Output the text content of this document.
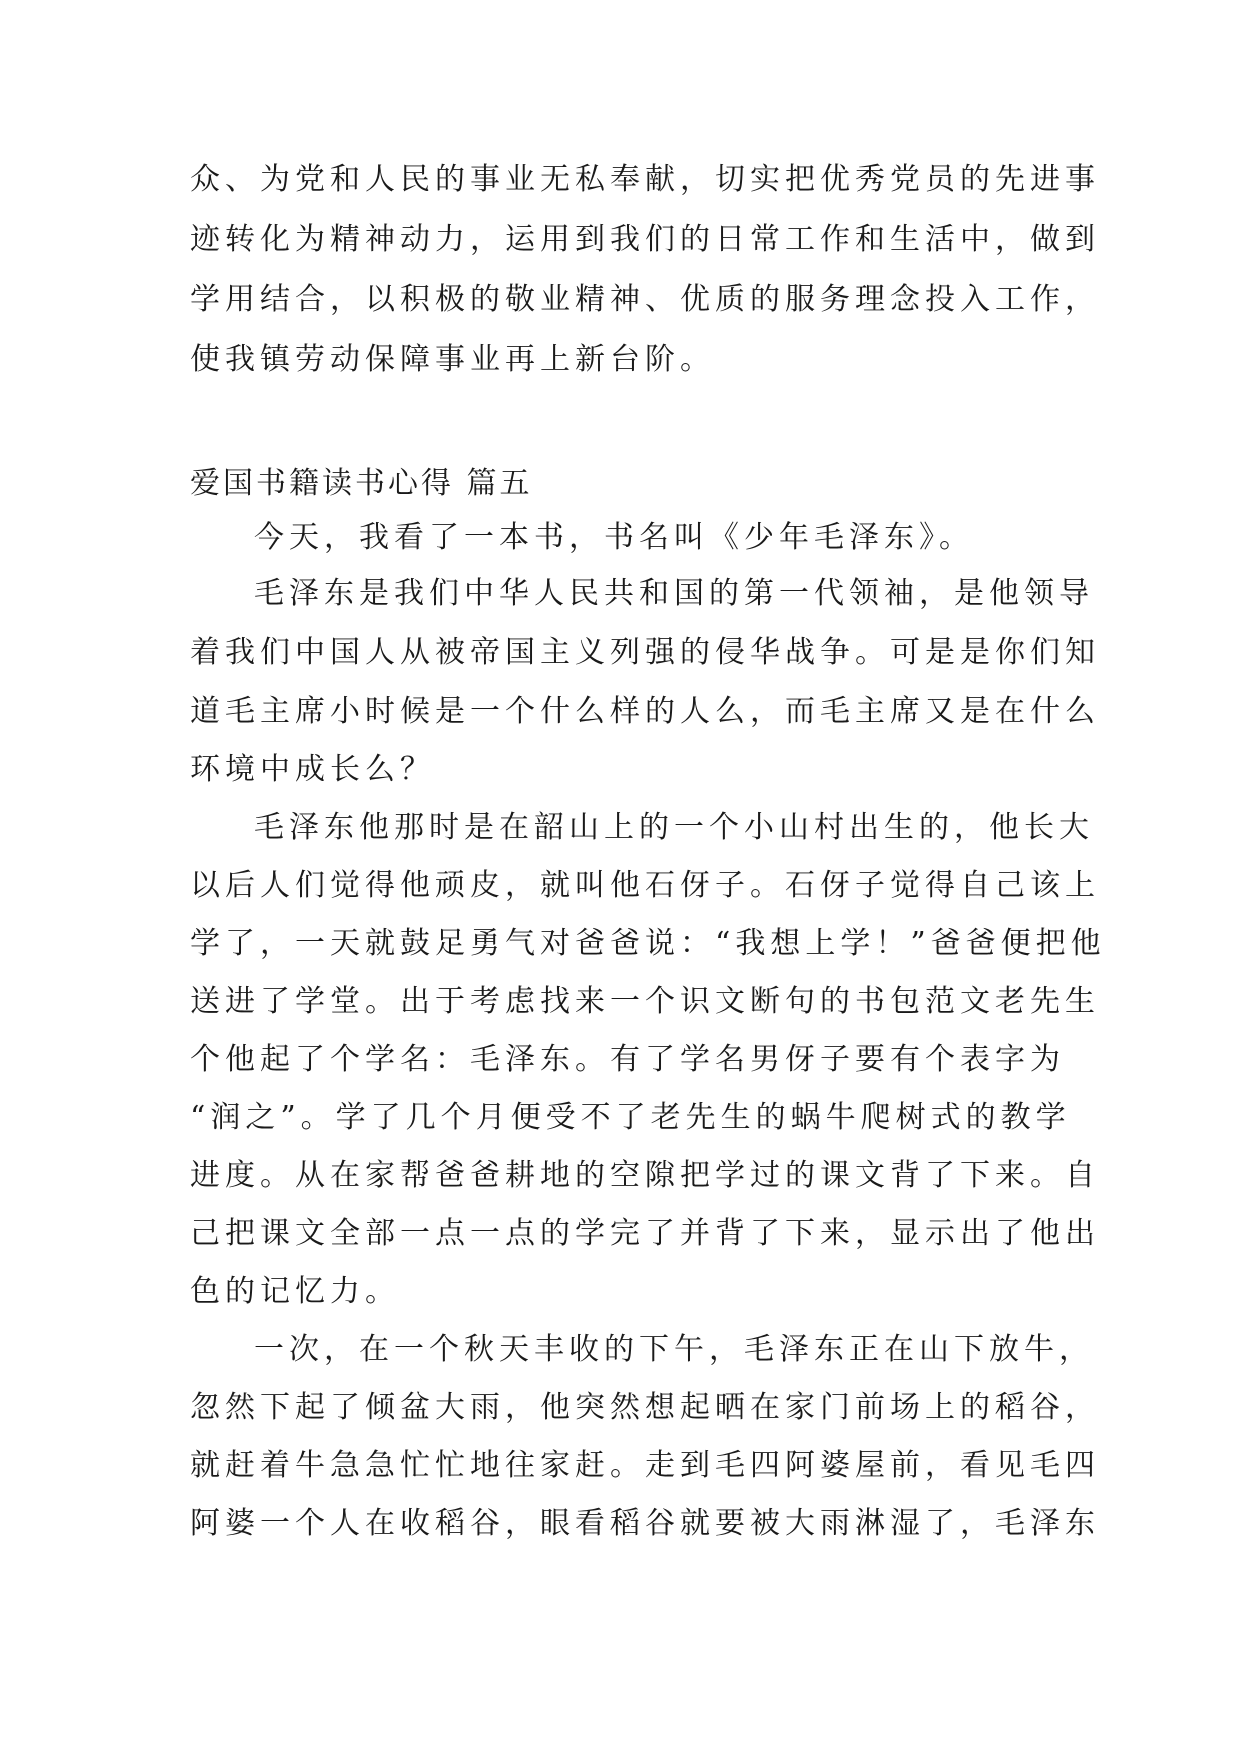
众、为党和人民的事业无私奉献，切实把优秀党员的先进事
迹转化为精神动力，运用到我们的日常工作和生活中，做到
学用结合，以积极的敬业精神、优质的服务理念投入工作，
使我镇劳动保障事业再上新台阶。
爱国书籍读书心得 篇五
今天，我看了一本书，书名叫《少年毛泽东》。
毛泽东是我们中华人民共和国的第一代领袖，是他领导
着我们中国人从被帝国主义列强的侵华战争。可是是你们知
道毛主席小时候是一个什么样的人么，而毛主席又是在什么
环境中成长么？
毛泽东他那时是在韶山上的一个小山村出生的，他长大
以后人们觉得他顽皮，就叫他石伢子。石伢子觉得自己该上
学了，一天就鼓足勇气对爸爸说：“我想上学！”爸爸便把他
送进了学堂。出于考虑找来一个识文断句的书包范文老先生
个他起了个学名：毛泽东。有了学名男伢子要有个表字为
“润之”。学了几个月便受不了老先生的蜗牛爬树式的教学
进度。从在家帮爸爸耕地的空隙把学过的课文背了下来。自
己把课文全部一点一点的学完了并背了下来，显示出了他出
色的记忆力。
一次，在一个秋天丰收的下午，毛泽东正在山下放牛，
忽然下起了倾盆大雨，他突然想起晒在家门前场上的稻谷，
就赶着牛急急忙忙地往家赶。走到毛四阿婆屋前，看见毛四
阿婆一个人在收稻谷，眼看稻谷就要被大雨淋湿了，毛泽东
